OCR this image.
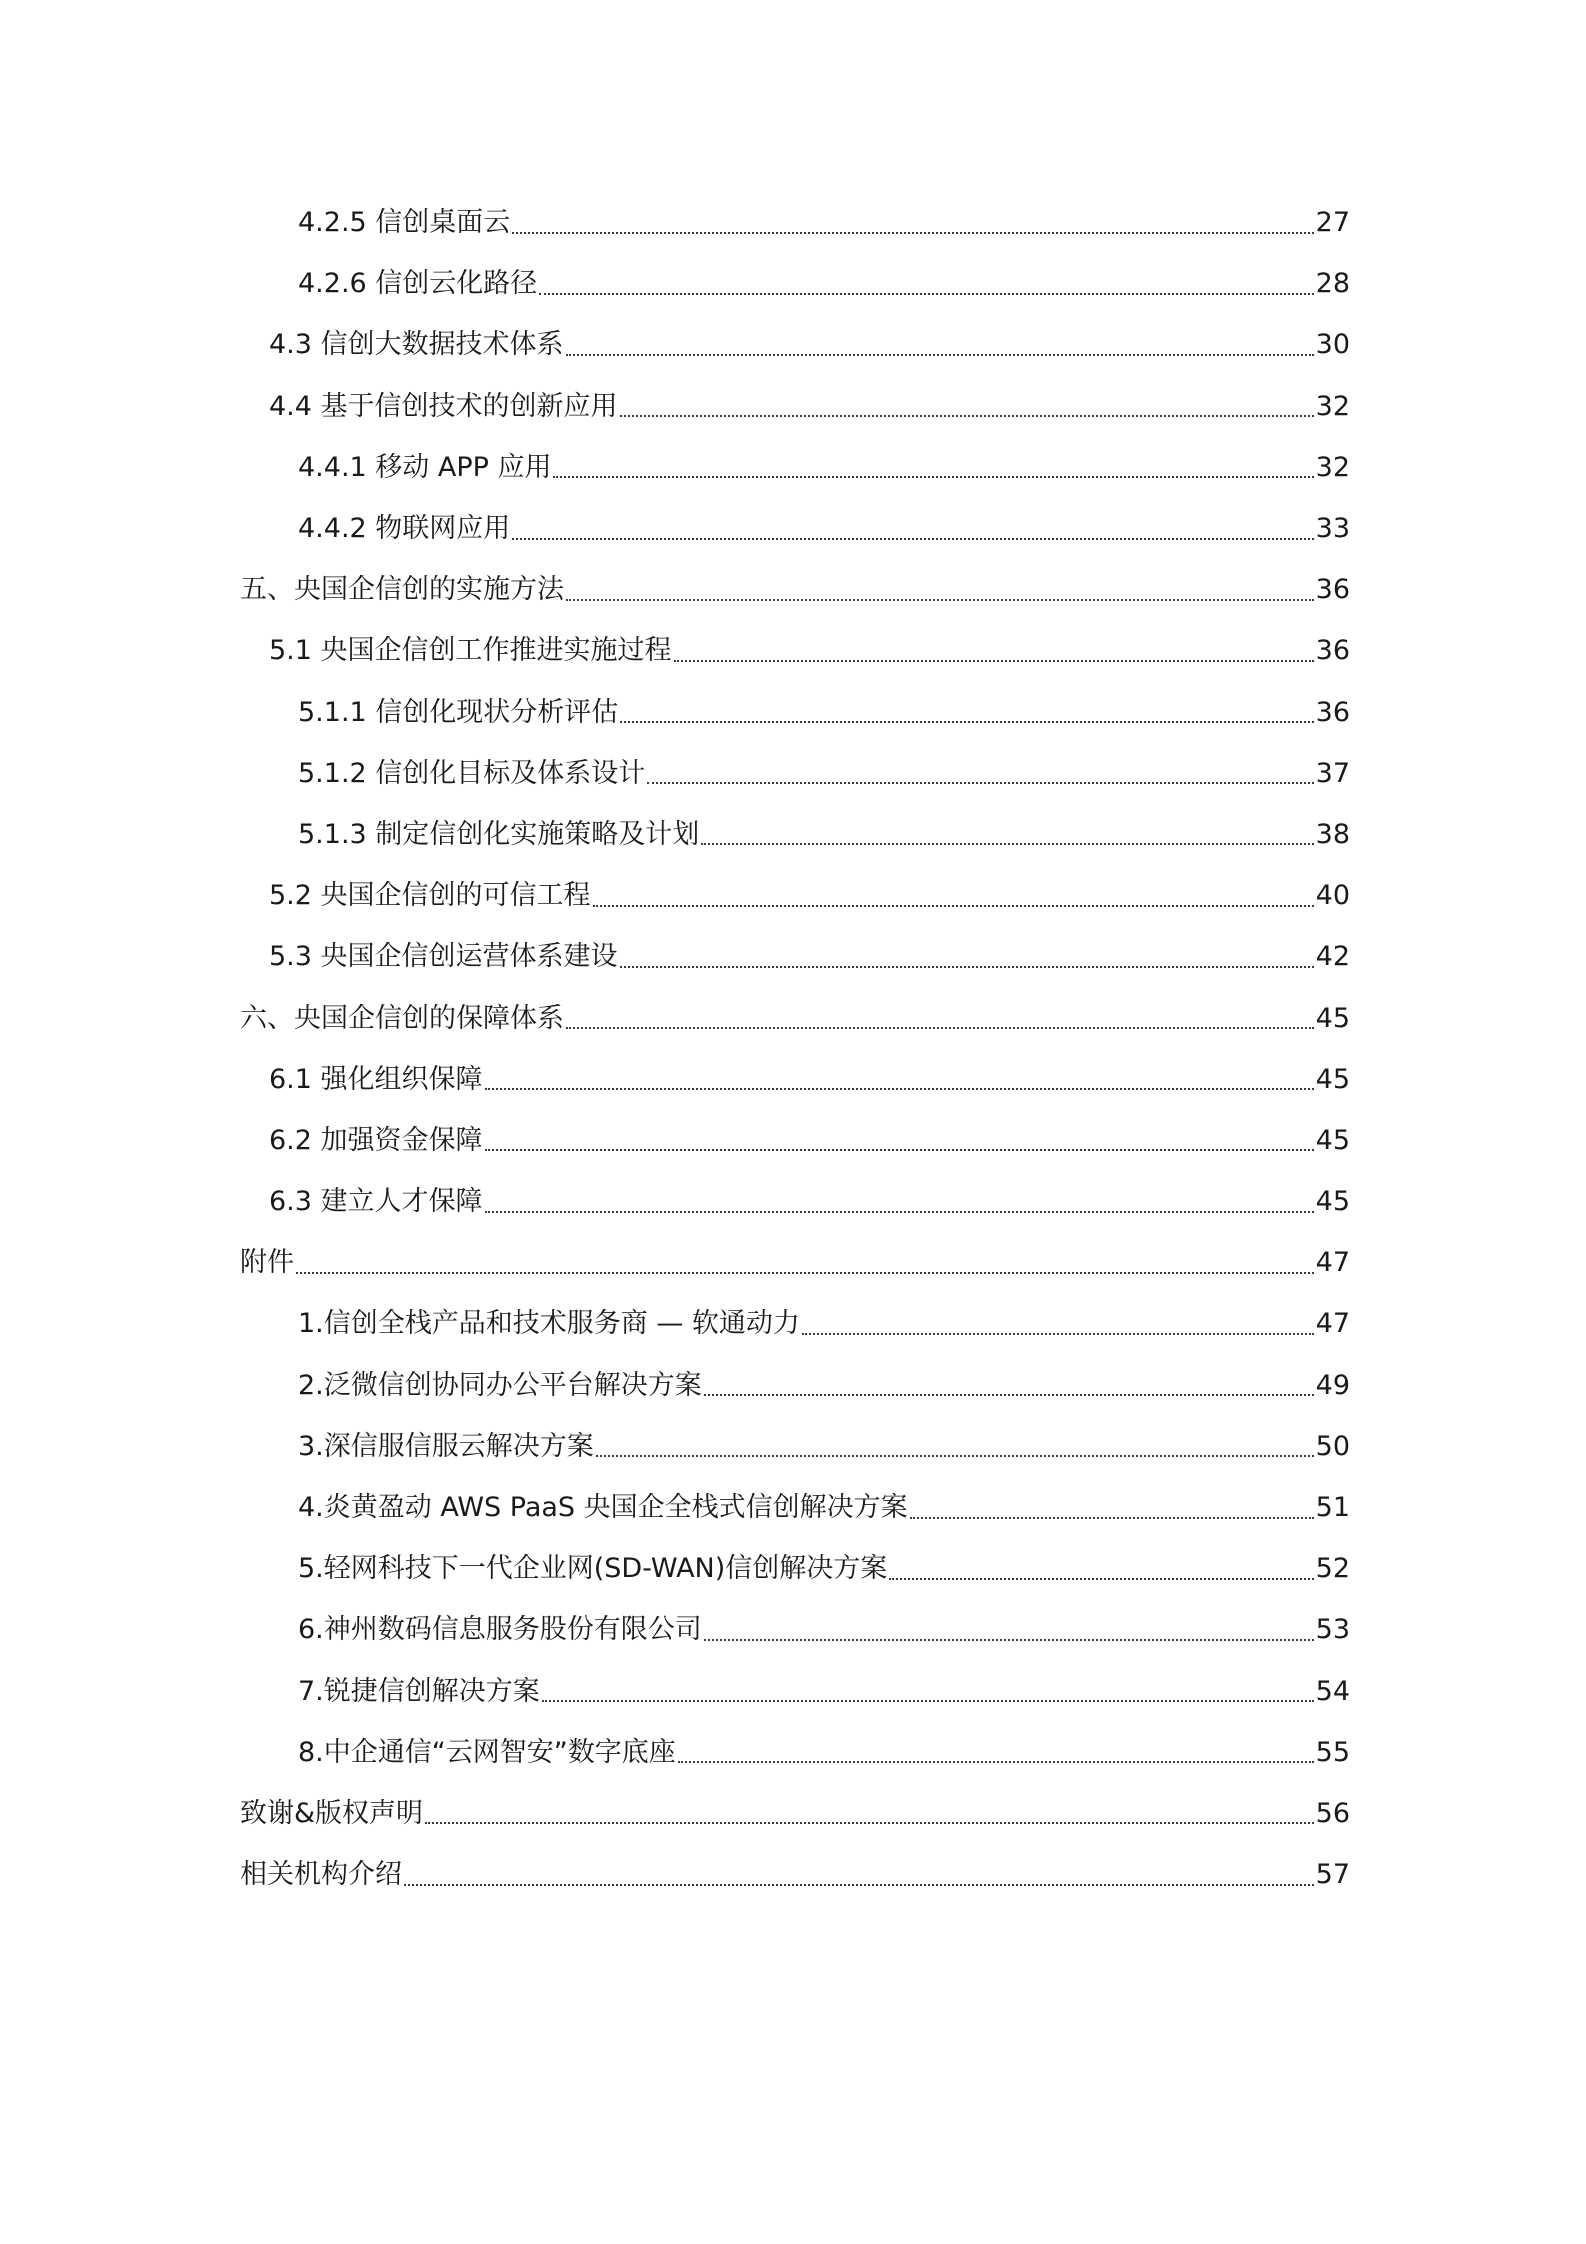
4.2.5 信创桌面云	27
4.2.6 信创云化路径	28
4.3 信创大数据技术体系	30
4.4 基于信创技术的创新应用	32
4.4.1 移动 APP 应用	32
4.4.2 物联网应用	33
五、央国企信创的实施方法	36
5.1 央国企信创工作推进实施过程	36
5.1.1 信创化现状分析评估	36
5.1.2 信创化目标及体系设计	37
5.1.3 制定信创化实施策略及计划	38
5.2 央国企信创的可信工程	40
5.3 央国企信创运营体系建设	42
六、央国企信创的保障体系	45
6.1 强化组织保障	45
6.2 加强资金保障	45
6.3 建立人才保障	45
附件	47
1.信创全栈产品和技术服务商 — 软通动力	47
2.泛微信创协同办公平台解决方案	49
3.深信服信服云解决方案	50
4.炎黄盈动 AWS PaaS 央国企全栈式信创解决方案	51
5.轻网科技下一代企业网(SD-WAN)信创解决方案	52
6.神州数码信息服务股份有限公司	53
7.锐捷信创解决方案	54
8.中企通信“云网智安”数字底座	55
致谢&版权声明	56
相关机构介绍	57
